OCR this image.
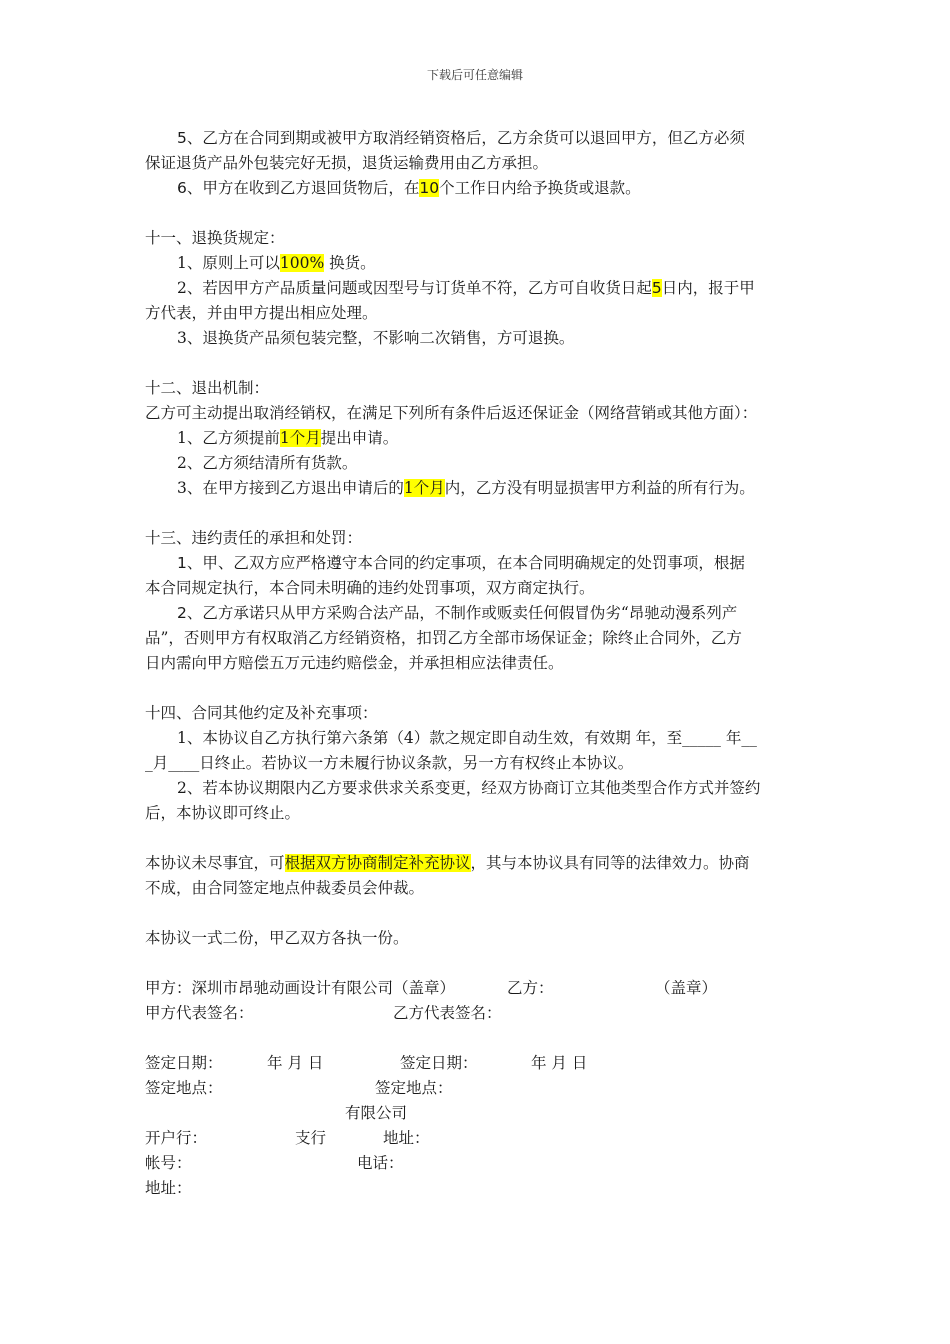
下载后可任意编辑

5、乙方在合同到期或被甲方取消经销资格后，乙方余货可以退回甲方，但乙方必须

保证退货产品外包装完好无损，退货运输费用由乙方承担。

6、甲方在收到乙方退回货物后，在10个工作日内给予换货或退款。

十一、退换货规定：

1、原则上可以100% 换货。

2、若因甲方产品质量问题或因型号与订货单不符，乙方可自收货日起5日内，报于甲

方代表，并由甲方提出相应处理。

3、退换货产品须包装完整，不影响二次销售，方可退换。

十二、退出机制：

乙方可主动提出取消经销权，在满足下列所有条件后返还保证金（网络营销或其他方面）：

1、乙方须提前1个月提出申请。

2、乙方须结清所有货款。

3、在甲方接到乙方退出申请后的1个月内，乙方没有明显损害甲方利益的所有行为。

十三、违约责任的承担和处罚：

1、甲、乙双方应严格遵守本合同的约定事项，在本合同明确规定的处罚事项，根据

本合同规定执行，本合同未明确的违约处罚事项，双方商定执行。

2、乙方承诺只从甲方采购合法产品，不制作或贩卖任何假冒伪劣“昂驰动漫系列产

品”，否则甲方有权取消乙方经销资格，扣罚乙方全部市场保证金；除终止合同外，乙方

日内需向甲方赔偿五万元违约赔偿金，并承担相应法律责任。

十四、合同其他约定及补充事项：

1、本协议自乙方执行第六条第（4）款之规定即自动生效，有效期 年，至_____ 年__

_月____日终止。若协议一方未履行协议条款，另一方有权终止本协议。

2、若本协议期限内乙方要求供求关系变更，经双方协商订立其他类型合作方式并签约

后，本协议即可终止。

本协议未尽事宜，可根据双方协商制定补充协议，其与本协议具有同等的法律效力。协商

不成，由合同签定地点仲裁委员会仲裁。

本协议一式二份，甲乙双方各执一份。

甲方：深圳市昂驰动画设计有限公司（盖章）	乙方：	（盖章）
甲方代表签名：	乙方代表签名：
签定日期：	年 月 日	签定日期：	年 月 日
签定地点：	签定地点：
有限公司
开户行：	支行	地址：
帐号：	电话：
地址：
